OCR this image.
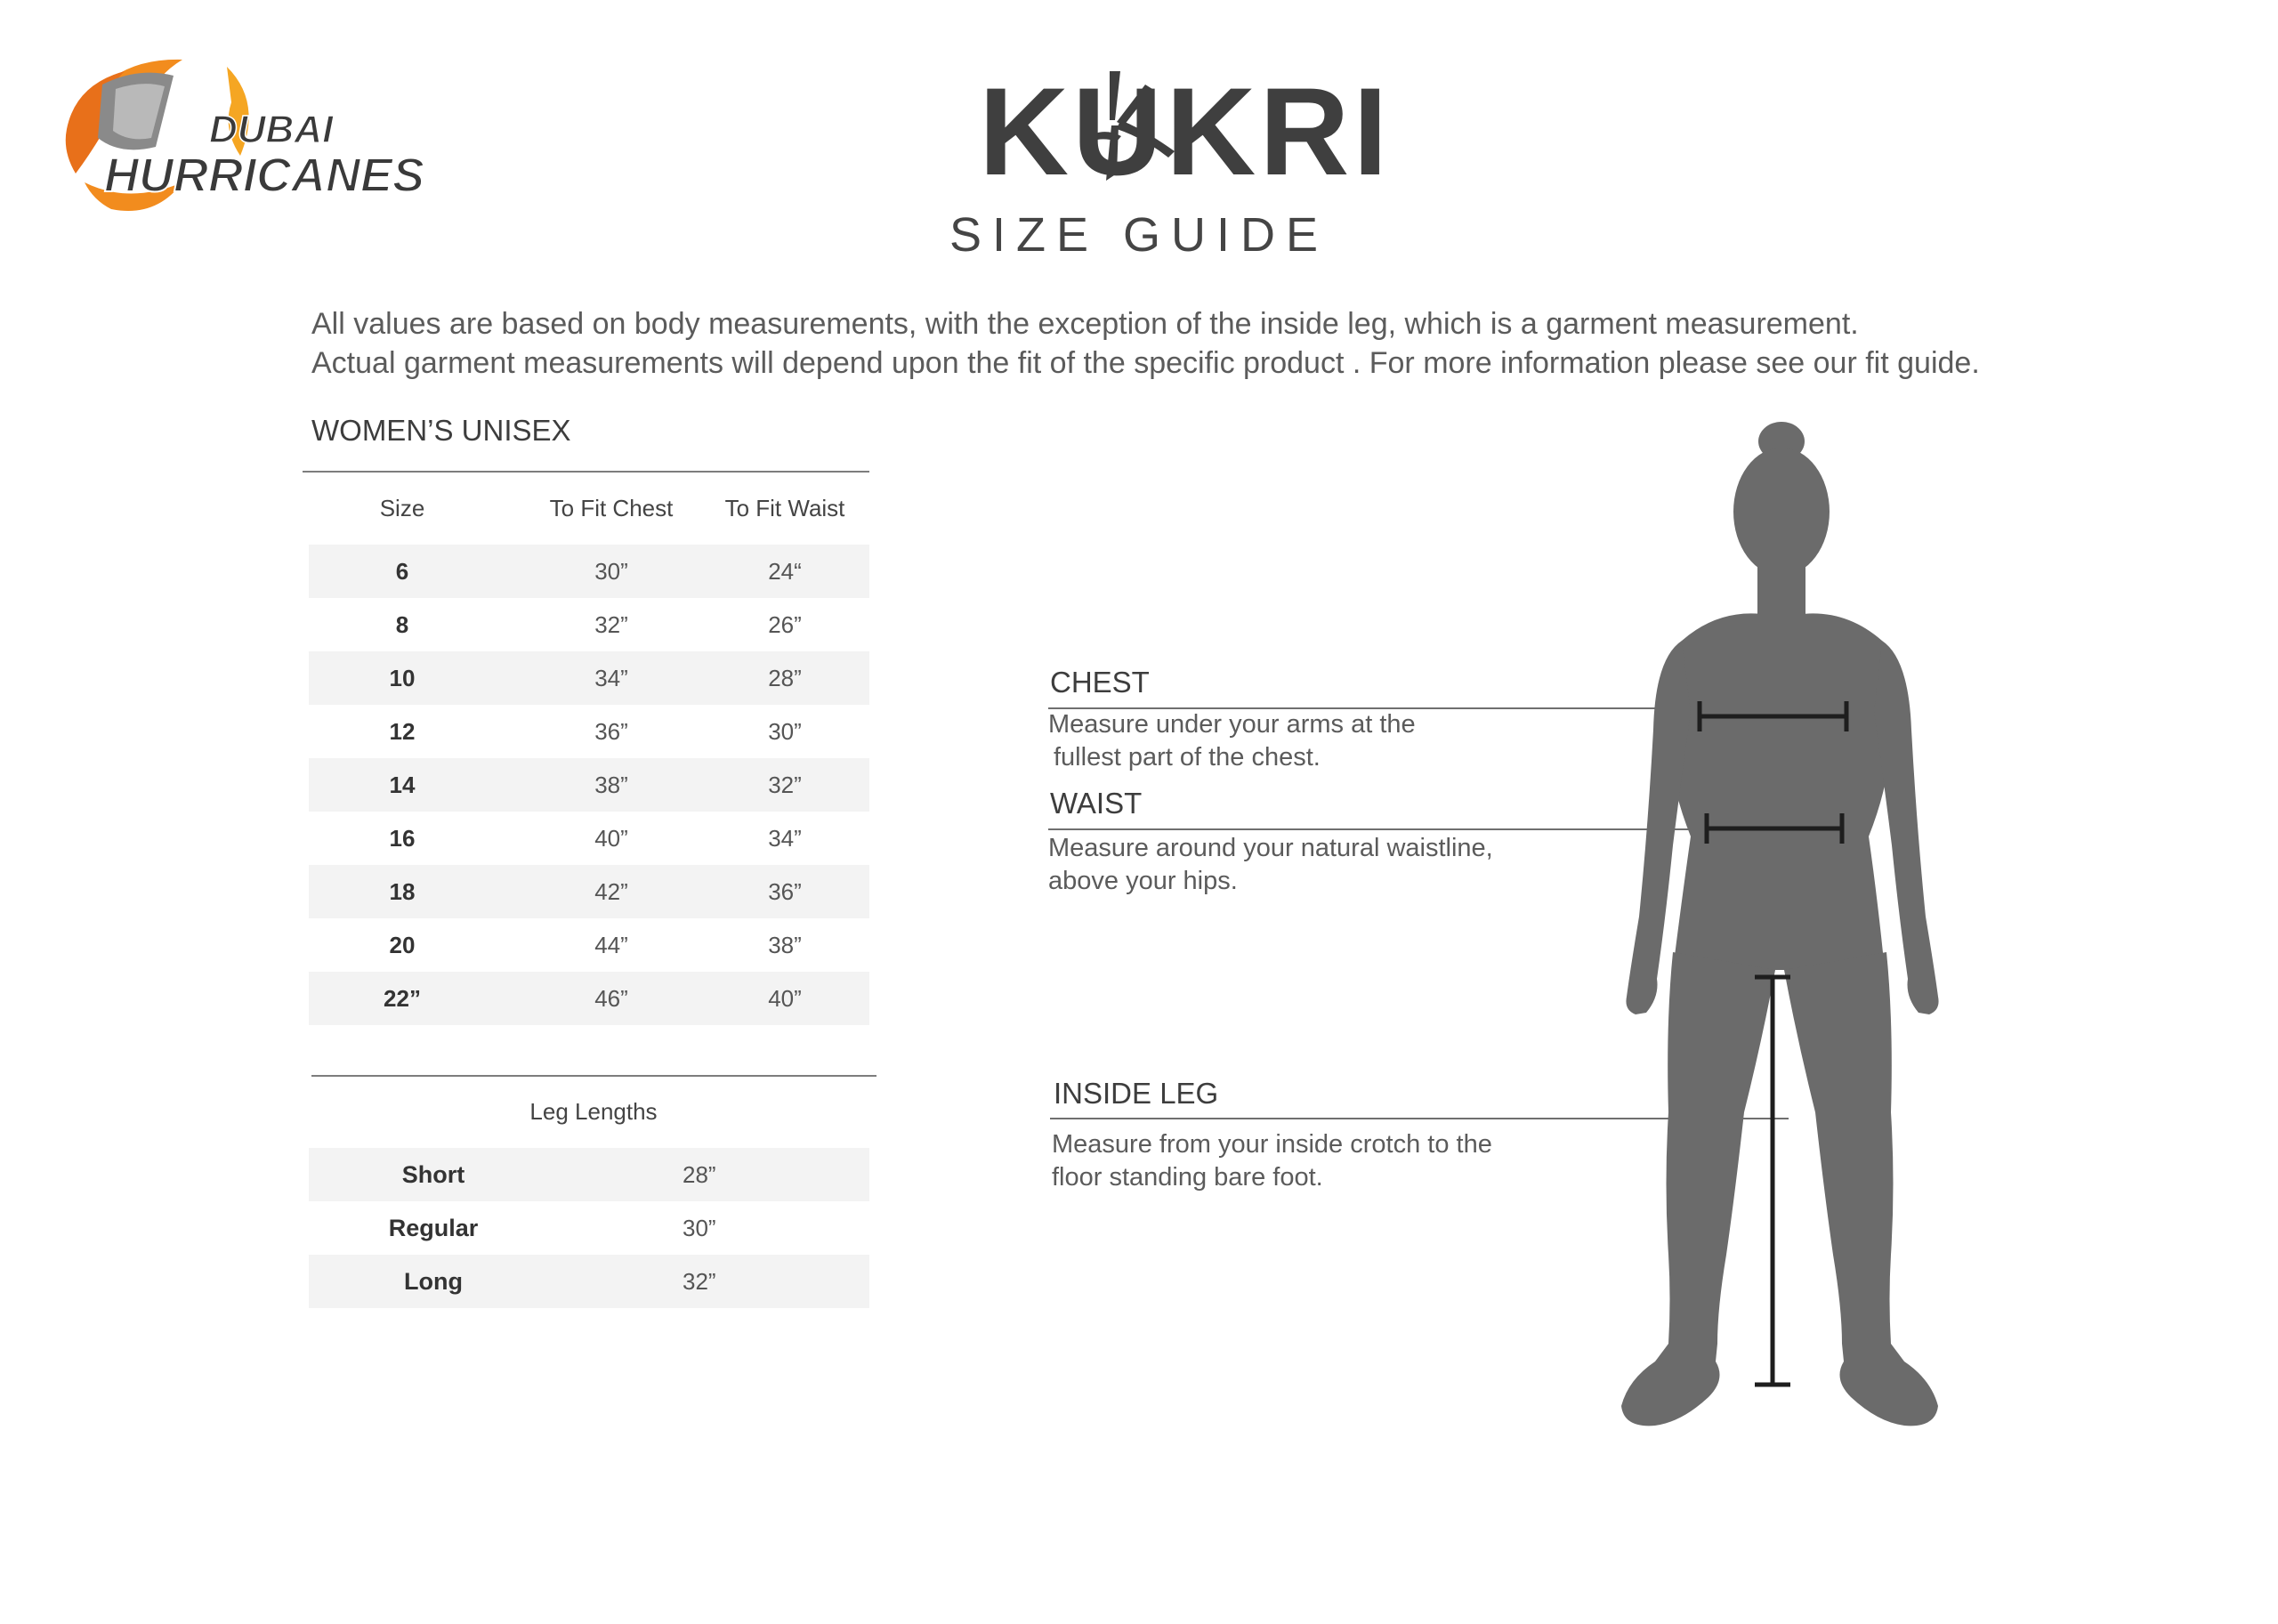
DUBAI
HURRICANES	KUKRI
SIZE GUIDE
All values are based on body measurements, with the exception of the inside leg, which is a garment measurement.
Actual garment measurements will depend upon the fit of the specific product . For more information please see our fit guide.
WOMEN’S UNISEX
Size	To Fit Chest	To Fit Waist
6	30”	24“
8	32”	26”
10	34”	28”
12	36”	30”
14	38”	32”
16	40”	34”
18	42”	36”
20	44”	38”
22”	46”	40”
Leg Lengths
Short	28”
Regular	30”
Long	32”
CHEST
Measure under your arms at the
fullest part of the chest.
WAIST
Measure around your natural waistline,
above your hips.
INSIDE LEG
Measure from your inside crotch to the
floor standing bare foot.
